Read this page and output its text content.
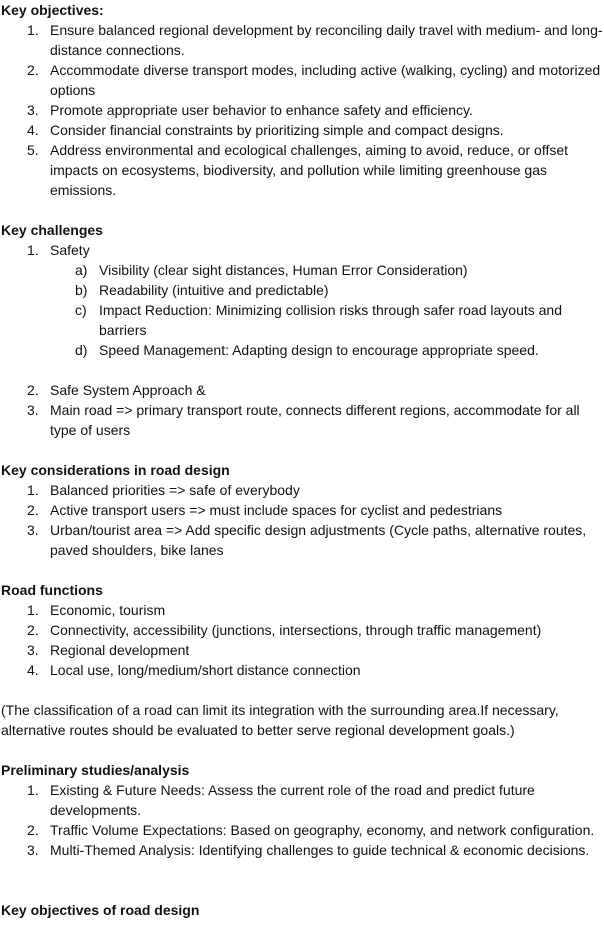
Key objectives:

1. Ensure balanced regional development by reconciling daily travel with medium- and long-distance connections.
2. Accommodate diverse transport modes, including active (walking, cycling) and motorized options
3. Promote appropriate user behavior to enhance safety and efficiency.
4. Consider financial constraints by prioritizing simple and compact designs.
5. Address environmental and ecological challenges, aiming to avoid, reduce, or offset impacts on ecosystems, biodiversity, and pollution while limiting greenhouse gas emissions.

Key challenges

1. Safety
a) Visibility (clear sight distances, Human Error Consideration)
b) Readability (intuitive and predictable)
c) Impact Reduction: Minimizing collision risks through safer road layouts and barriers
d) Speed Management: Adapting design to encourage appropriate speed.
2. Safe System Approach &
3. Main road => primary transport route, connects different regions, accommodate for all type of users

Key considerations in road design

1. Balanced priorities => safe of everybody
2. Active transport users => must include spaces for cyclist and pedestrians
3. Urban/tourist area => Add specific design adjustments (Cycle paths, alternative routes, paved shoulders, bike lanes

Road functions

1. Economic, tourism
2. Connectivity, accessibility (junctions, intersections, through traffic management)
3. Regional development
4. Local use, long/medium/short distance connection

(The classification of a road can limit its integration with the surrounding area.If necessary, alternative routes should be evaluated to better serve regional development goals.)

Preliminary studies/analysis

1. Existing & Future Needs: Assess the current role of the road and predict future developments.
2. Traffic Volume Expectations: Based on geography, economy, and network configuration.
3. Multi-Themed Analysis: Identifying challenges to guide technical & economic decisions.

Key objectives of road design
